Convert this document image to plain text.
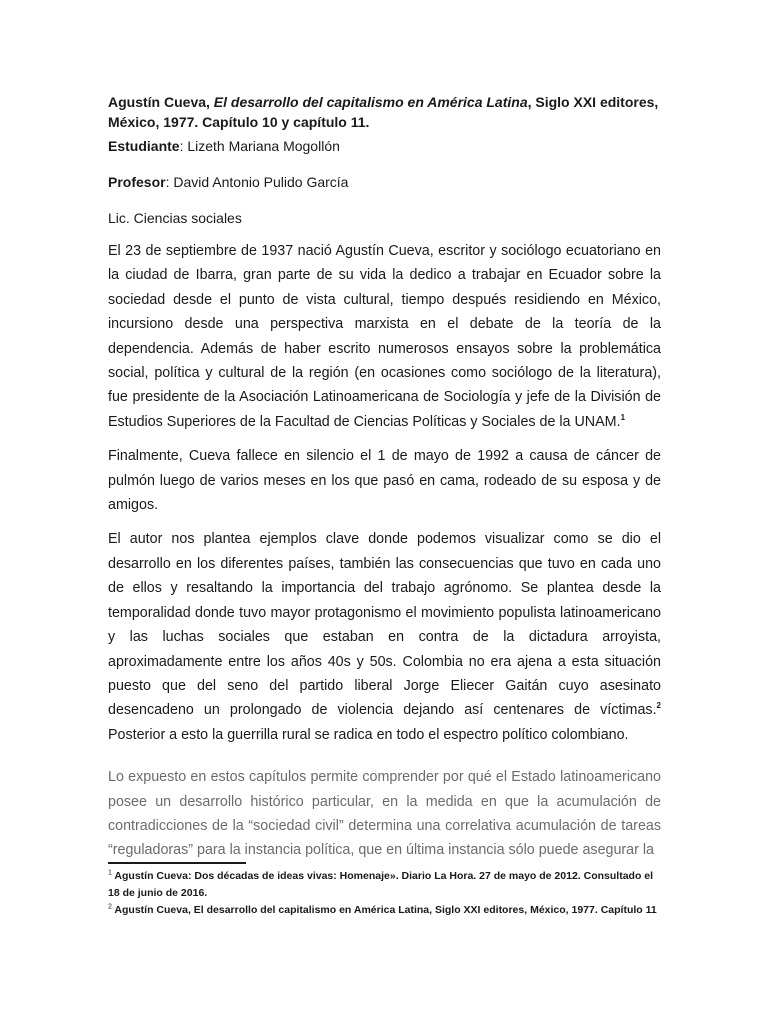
Agustín Cueva, El desarrollo del capitalismo en América Latina, Siglo XXI editores, México, 1977. Capítulo 10 y capítulo 11.

Estudiante: Lizeth Mariana Mogollón

Profesor: David Antonio Pulido García

Lic. Ciencias sociales

El 23 de septiembre de 1937 nació Agustín Cueva, escritor y sociólogo ecuatoriano en la ciudad de Ibarra, gran parte de su vida la dedico a trabajar en Ecuador sobre la sociedad desde el punto de vista cultural, tiempo después residiendo en México, incursiono desde una perspectiva marxista en el debate de la teoría de la dependencia. Además de haber escrito numerosos ensayos sobre la problemática social, política y cultural de la región (en ocasiones como sociólogo de la literatura), fue presidente de la Asociación Latinoamericana de Sociología y jefe de la División de Estudios Superiores de la Facultad de Ciencias Políticas y Sociales de la UNAM.$^1$

Finalmente, Cueva fallece en silencio el 1 de mayo de 1992 a causa de cáncer de pulmón luego de varios meses en los que pasó en cama, rodeado de su esposa y de amigos.

El autor nos plantea ejemplos clave donde podemos visualizar como se dio el desarrollo en los diferentes países, también las consecuencias que tuvo en cada uno de ellos y resaltando la importancia del trabajo agrónomo. Se plantea desde la temporalidad donde tuvo mayor protagonismo el movimiento populista latinoamericano y las luchas sociales que estaban en contra de la dictadura arroyista, aproximadamente entre los años 40s y 50s. Colombia no era ajena a esta situación puesto que del seno del partido liberal Jorge Eliecer Gaitán cuyo asesinato desencadeno un prolongado de violencia dejando así centenares de víctimas.$^2$ Posterior a esto la guerrilla rural se radica en todo el espectro político colombiano.

Lo expuesto en estos capítulos permite comprender por qué el Estado latinoamericano posee un desarrollo histórico particular, en la medida en que la acumulación de contradicciones de la “sociedad civil” determina una correlativa acumulación de tareas “reguladoras” para la instancia política, que en última instancia sólo puede asegurar la

$^1$ Agustín Cueva: Dos décadas de ideas vivas: Homenaje». Diario La Hora. 27 de mayo de 2012. Consultado el 18 de junio de 2016.

$^2$ Agustín Cueva, El desarrollo del capitalismo en América Latina, Siglo XXI editores, México, 1977. Capítulo 11
